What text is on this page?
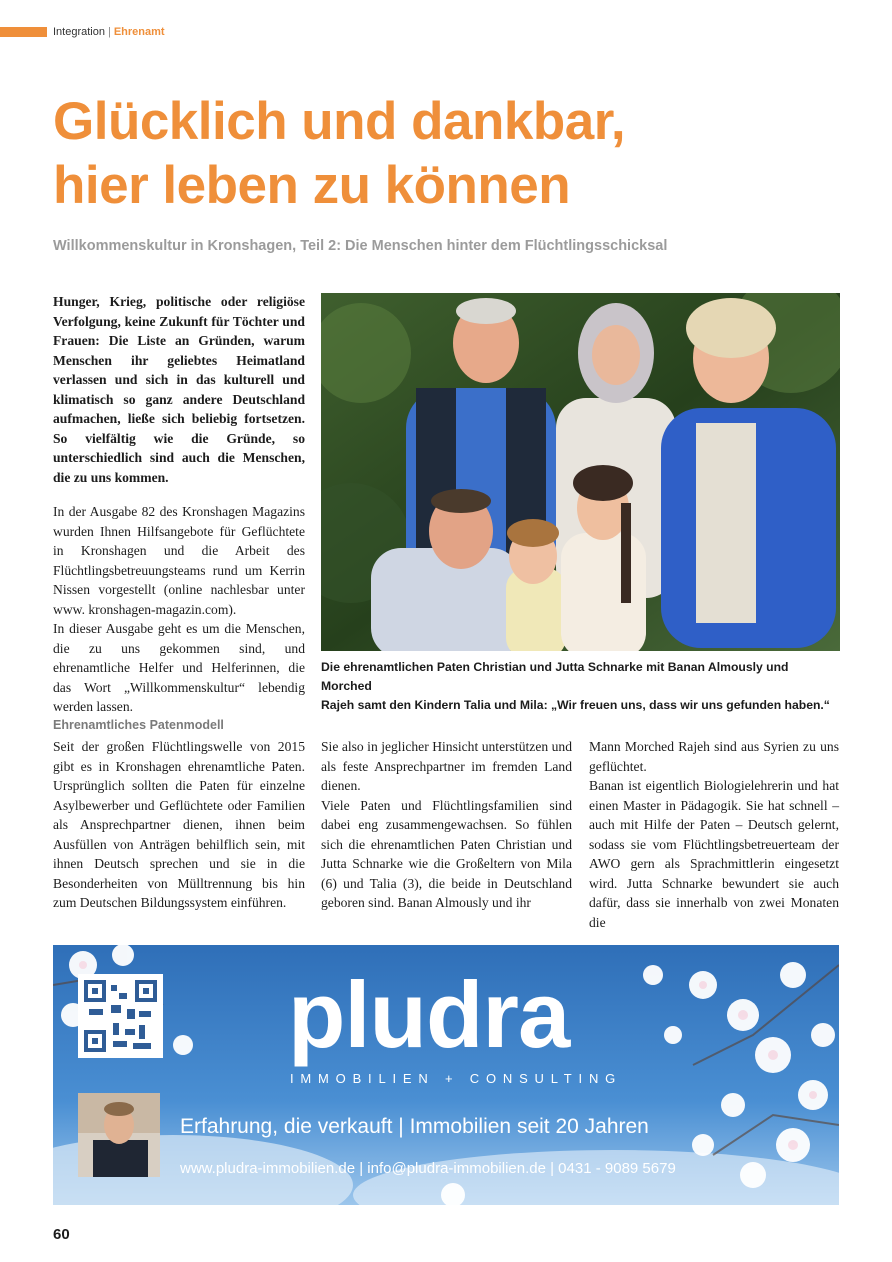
Integration | Ehrenamt
Glücklich und dankbar,
hier leben zu können
Willkommenskultur in Kronshagen, Teil 2: Die Menschen hinter dem Flüchtlingsschicksal
Hunger, Krieg, politische oder religiöse Verfolgung, keine Zukunft für Töchter und Frauen: Die Liste an Gründen, warum Menschen ihr geliebtes Heimatland verlassen und sich in das kulturell und klimatisch so ganz andere Deutschland aufmachen, ließe sich beliebig fortsetzen. So vielfältig wie die Gründe, so unterschiedlich sind auch die Menschen, die zu uns kommen.

In der Ausgabe 82 des Kronshagen Magazins wurden Ihnen Hilfsangebote für Geflüchtete in Kronshagen und die Arbeit des Flüchtlingsbetreuungsteams rund um Kerrin Nissen vorgestellt (online nachlesbar unter www. kronshagen-magazin.com).

In dieser Ausgabe geht es um die Menschen, die zu uns gekommen sind, und ehrenamtliche Helfer und Helferinnen, die das Wort „Willkommenskultur“ lebendig werden lassen.

Die ehrenamtlichen Paten Christian und Jutta Schnarke mit Banan Almously und Morched

Rajeh samt den Kindern Talia und Mila: „Wir freuen uns, dass wir uns gefunden haben.“

Ehrenamtliches Patenmodell

Seit der großen Flüchtlingswelle von 2015 gibt es in Kronshagen ehrenamtliche Paten. Ursprünglich sollten die Paten für einzelne Asylbewerber und Geflüchtete oder Familien als Ansprechpartner dienen, ihnen beim Ausfüllen von Anträgen behilflich sein, mit ihnen Deutsch sprechen und sie in die Besonderheiten von Mülltrennung bis hin zum Deutschen Bildungssystem einführen.

Sie also in jeglicher Hinsicht unterstützen und als feste Ansprechpartner im fremden Land dienen.

Viele Paten und Flüchtlingsfamilien sind dabei eng zusammengewachsen. So fühlen sich die ehrenamtlichen Paten Christian und Jutta Schnarke wie die Großeltern von Mila (6) und Talia (3), die beide in Deutschland geboren sind. Banan Almously und ihr

Mann Morched Rajeh sind aus Syrien zu uns geflüchtet.

Banan ist eigentlich Biologielehrerin und hat einen Master in Pädagogik. Sie hat schnell – auch mit Hilfe der Paten – Deutsch gelernt, sodass sie vom Flüchtlingsbetreuerteam der AWO gern als Sprachmittlerin eingesetzt wird. Jutta Schnarke bewundert sie auch dafür, dass sie innerhalb von zwei Monaten die

pludra
IMMOBILIEN + CONSULTING
Erfahrung, die verkauft | Immobilien seit 20 Jahren
www.pludra-immobilien.de | info@pludra-immobilien.de | 0431 - 9089 5679
60
